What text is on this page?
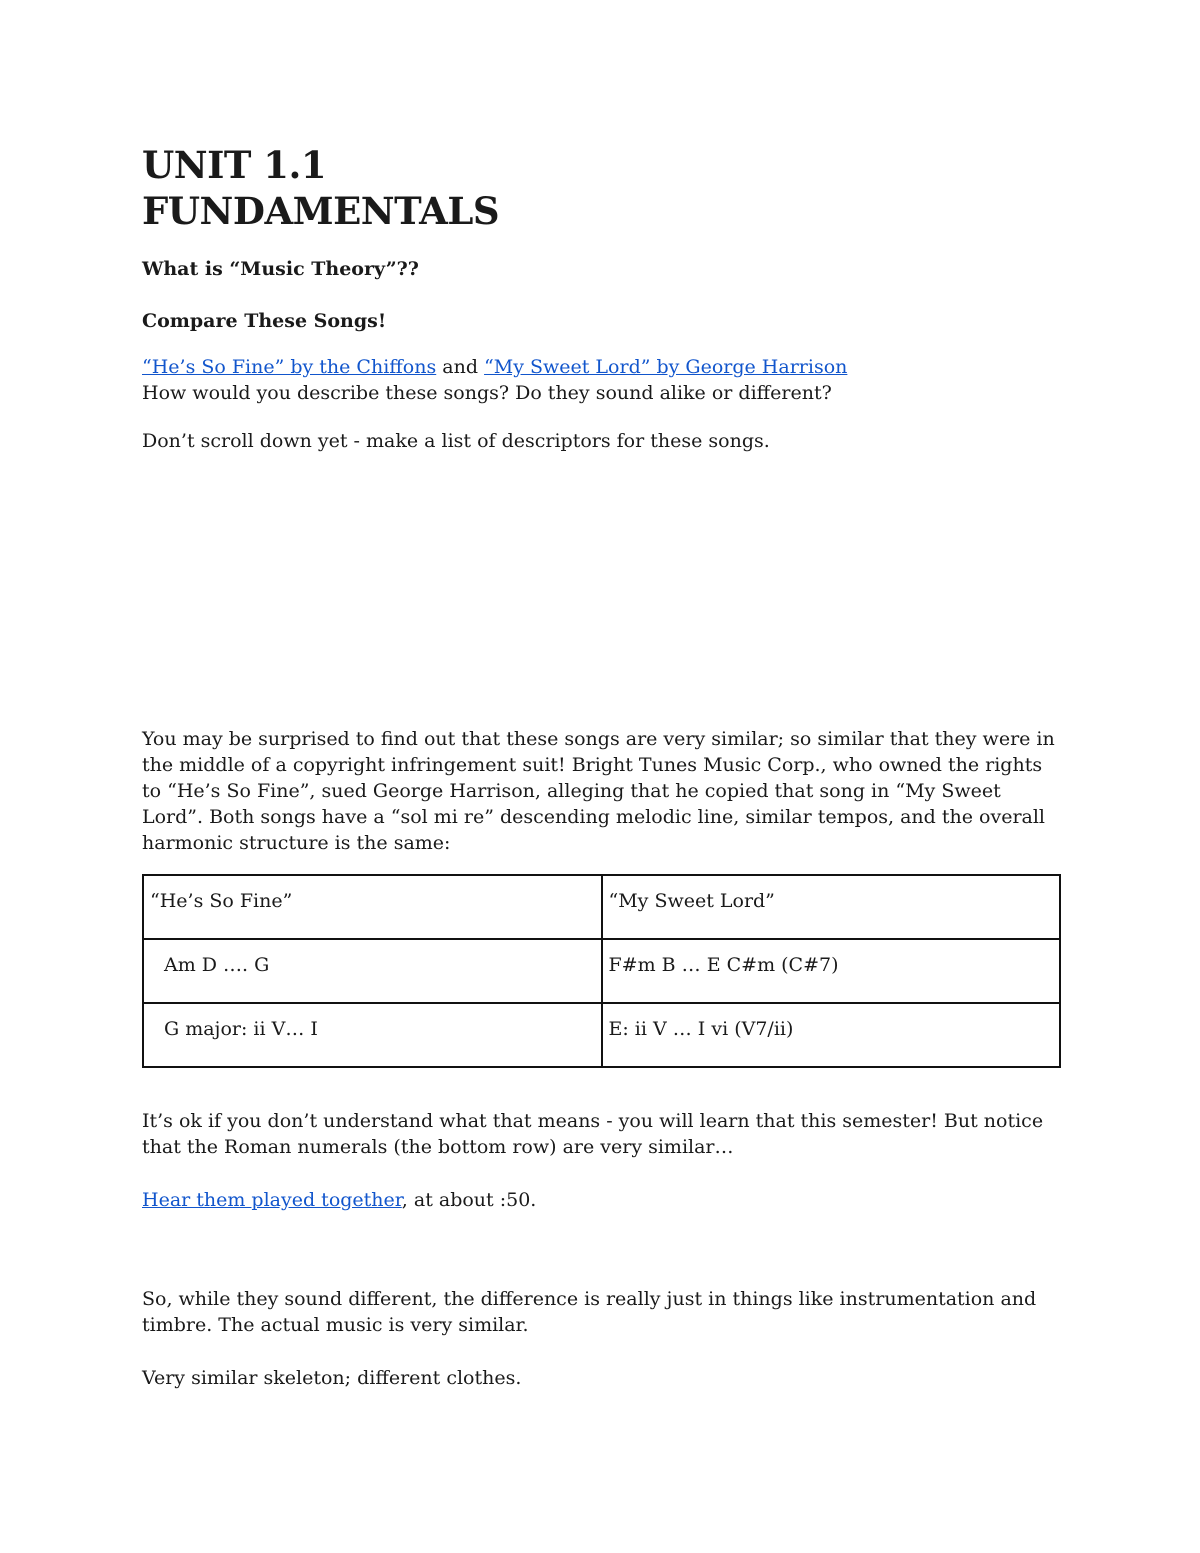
UNIT 1.1
FUNDAMENTALS

What is “Music Theory”??

Compare These Songs!

“He’s So Fine” by the Chiffons and “My Sweet Lord” by George Harrison

How would you describe these songs? Do they sound alike or different?

Don’t scroll down yet - make a list of descriptors for these songs.

You may be surprised to find out that these songs are very similar; so similar that they were in the middle of a copyright infringement suit! Bright Tunes Music Corp., who owned the rights to “He’s So Fine”, sued George Harrison, alleging that he copied that song in “My Sweet Lord”. Both songs have a “sol mi re” descending melodic line, similar tempos, and the overall harmonic structure is the same:

“He’s So Fine”	“My Sweet Lord”
Am D …. G	F#m B … E C#m (C#7)
G major: ii V… I	E: ii V … I vi (V7/ii)

It’s ok if you don’t understand what that means - you will learn that this semester! But notice that the Roman numerals (the bottom row) are very similar…

Hear them played together, at about :50.

So, while they sound different, the difference is really just in things like instrumentation and timbre. The actual music is very similar.

Very similar skeleton; different clothes.
